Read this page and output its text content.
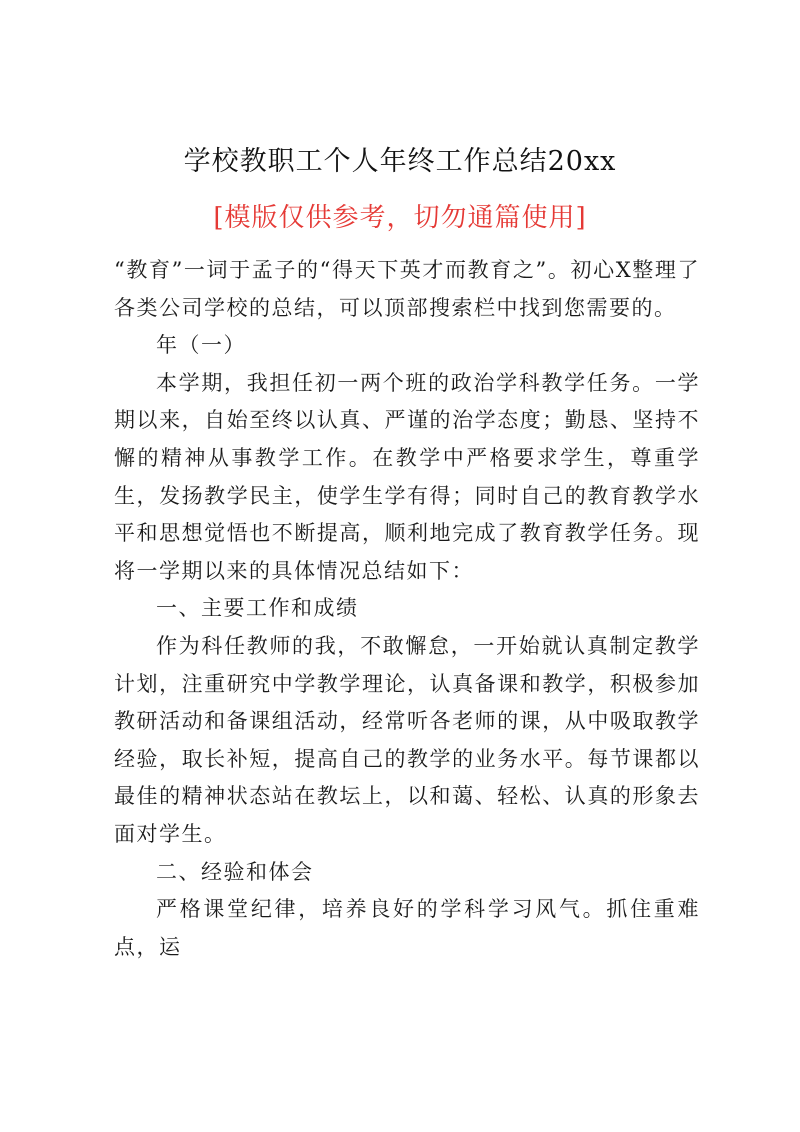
学校教职工个人年终工作总结20xx
[模版仅供参考，切勿通篇使用]

“教育”一词于孟子的“得天下英才而教育之”。初心X整理了各类公司学校的总结，可以顶部搜索栏中找到您需要的。

年（一）

本学期，我担任初一两个班的政治学科教学任务。一学期以来，自始至终以认真、严谨的治学态度；勤恳、坚持不懈的精神从事教学工作。在教学中严格要求学生，尊重学生，发扬教学民主，使学生学有得；同时自己的教育教学水平和思想觉悟也不断提高，顺利地完成了教育教学任务。现将一学期以来的具体情况总结如下：

一、主要工作和成绩

作为科任教师的我，不敢懈怠，一开始就认真制定教学计划，注重研究中学教学理论，认真备课和教学，积极参加教研活动和备课组活动，经常听各老师的课，从中吸取教学经验，取长补短，提高自己的教学的业务水平。每节课都以最佳的精神状态站在教坛上，以和蔼、轻松、认真的形象去面对学生。

二、经验和体会

严格课堂纪律，培养良好的学科学习风气。抓住重难点，运
